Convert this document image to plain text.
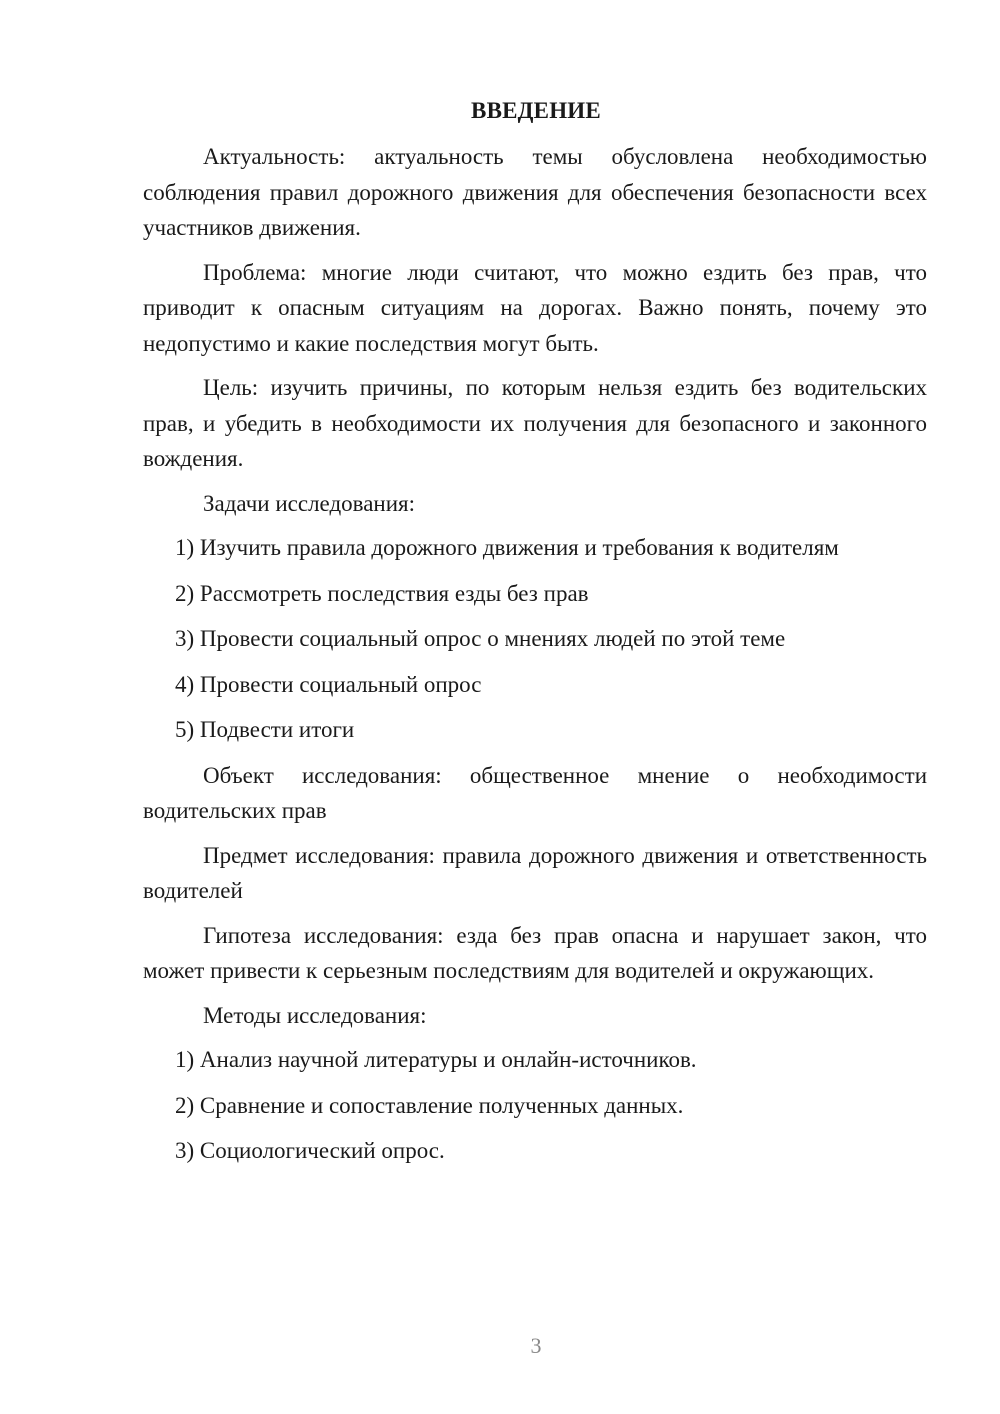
ВВЕДЕНИЕ

Актуальность: актуальность темы обусловлена необходимостью соблюдения правил дорожного движения для обеспечения безопасности всех участников движения.

Проблема: многие люди считают, что можно ездить без прав, что приводит к опасным ситуациям на дорогах. Важно понять, почему это недопустимо и какие последствия могут быть.

Цель: изучить причины, по которым нельзя ездить без водительских прав, и убедить в необходимости их получения для безопасного и законного вождения.

Задачи исследования:

1) Изучить правила дорожного движения и требования к водителям
2) Рассмотреть последствия езды без прав
3) Провести социальный опрос о мнениях людей по этой теме
4) Провести социальный опрос
5) Подвести итоги

Объект исследования: общественное мнение о необходимости водительских прав

Предмет исследования: правила дорожного движения и ответственность водителей

Гипотеза исследования: езда без прав опасна и нарушает закон, что может привести к серьезным последствиям для водителей и окружающих.

Методы исследования:

1) Анализ научной литературы и онлайн-источников.
2) Сравнение и сопоставление полученных данных.
3) Социологический опрос.
3
